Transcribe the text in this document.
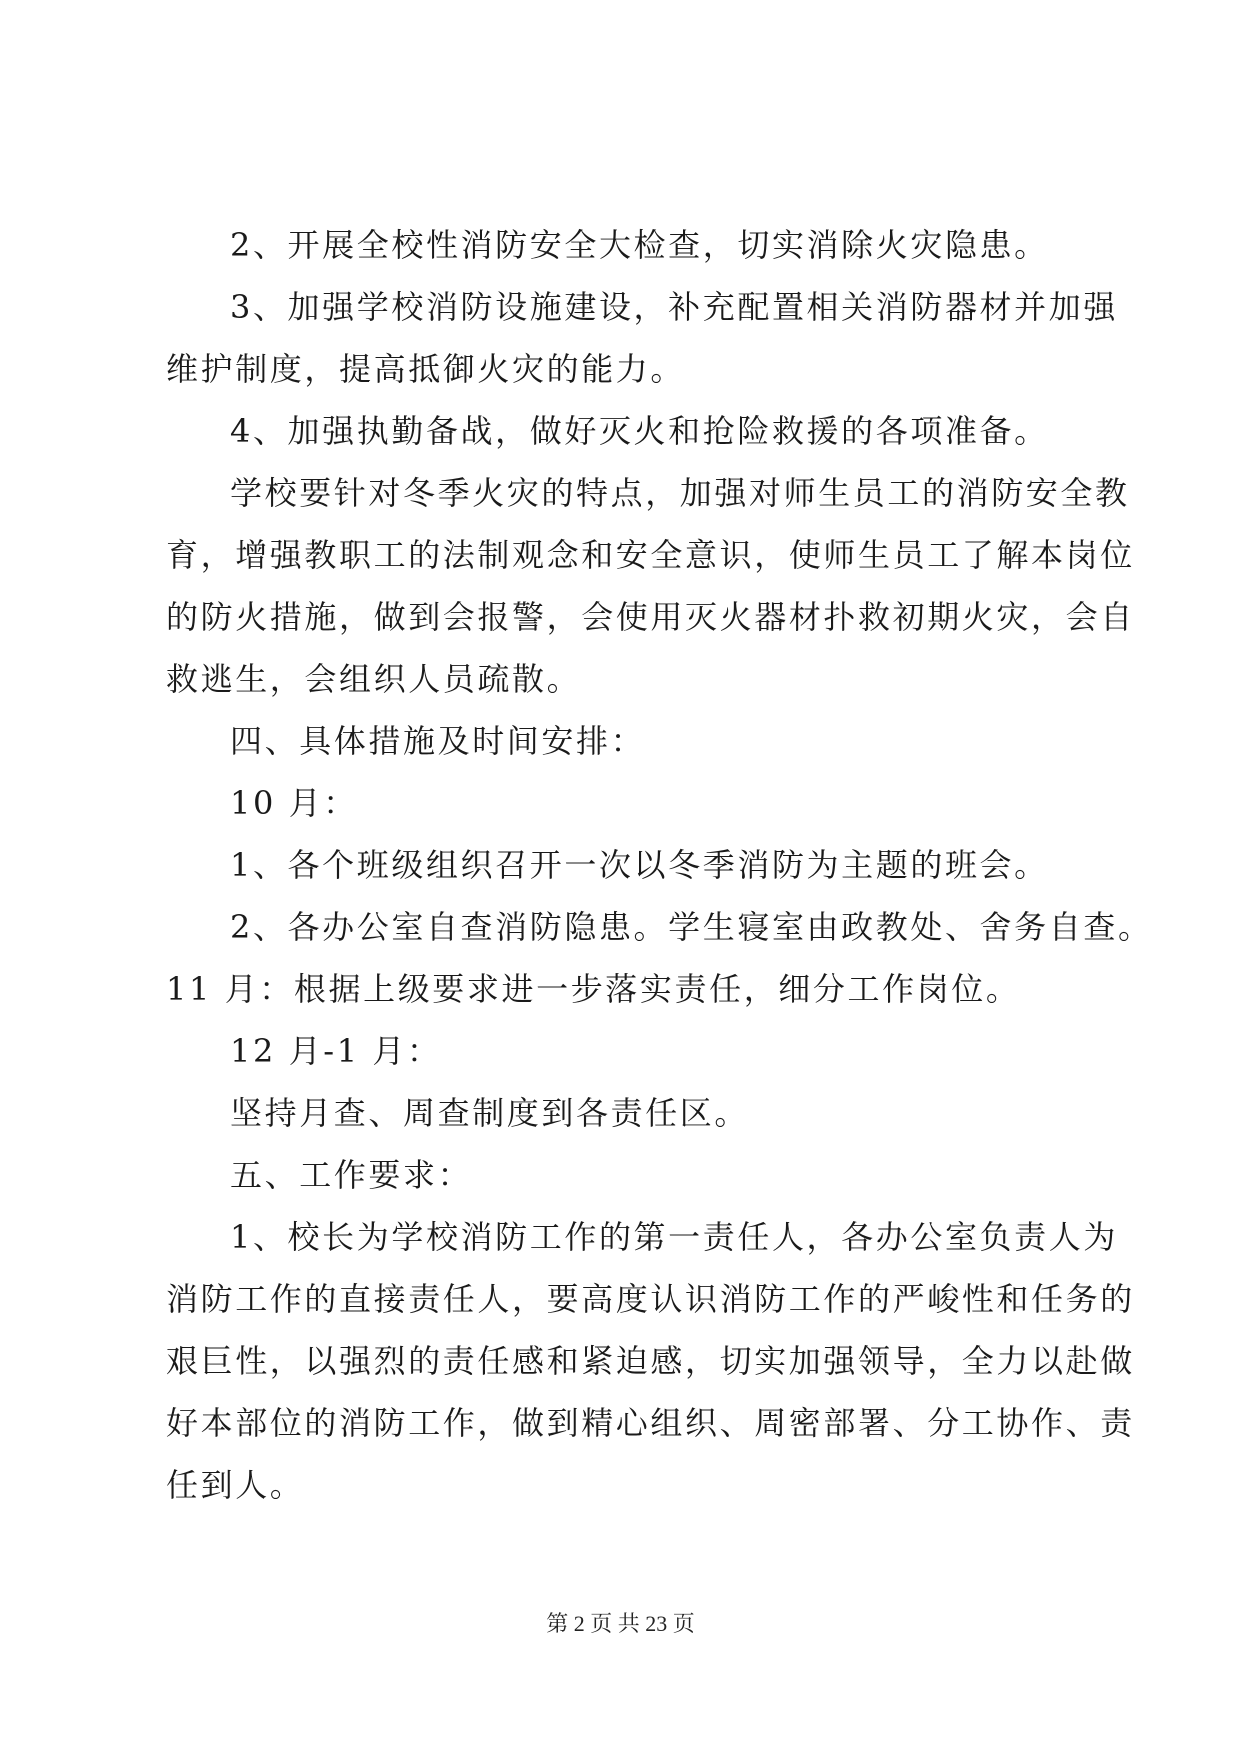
2、开展全校性消防安全大检查，切实消除火灾隐患。
3、加强学校消防设施建设，补充配置相关消防器材并加强
维护制度，提高抵御火灾的能力。
4、加强执勤备战，做好灭火和抢险救援的各项准备。
学校要针对冬季火灾的特点，加强对师生员工的消防安全教
育，增强教职工的法制观念和安全意识，使师生员工了解本岗位
的防火措施，做到会报警，会使用灭火器材扑救初期火灾，会自
救逃生，会组织人员疏散。
四、具体措施及时间安排：
10 月：
1、各个班级组织召开一次以冬季消防为主题的班会。
2、各办公室自查消防隐患。学生寝室由政教处、舍务自查。
11 月：根据上级要求进一步落实责任，细分工作岗位。
12 月-1 月：
坚持月查、周查制度到各责任区。
五、工作要求：
1、校长为学校消防工作的第一责任人，各办公室负责人为
消防工作的直接责任人，要高度认识消防工作的严峻性和任务的
艰巨性，以强烈的责任感和紧迫感，切实加强领导，全力以赴做
好本部位的消防工作，做到精心组织、周密部署、分工协作、责
任到人。
第 2 页 共 23 页
